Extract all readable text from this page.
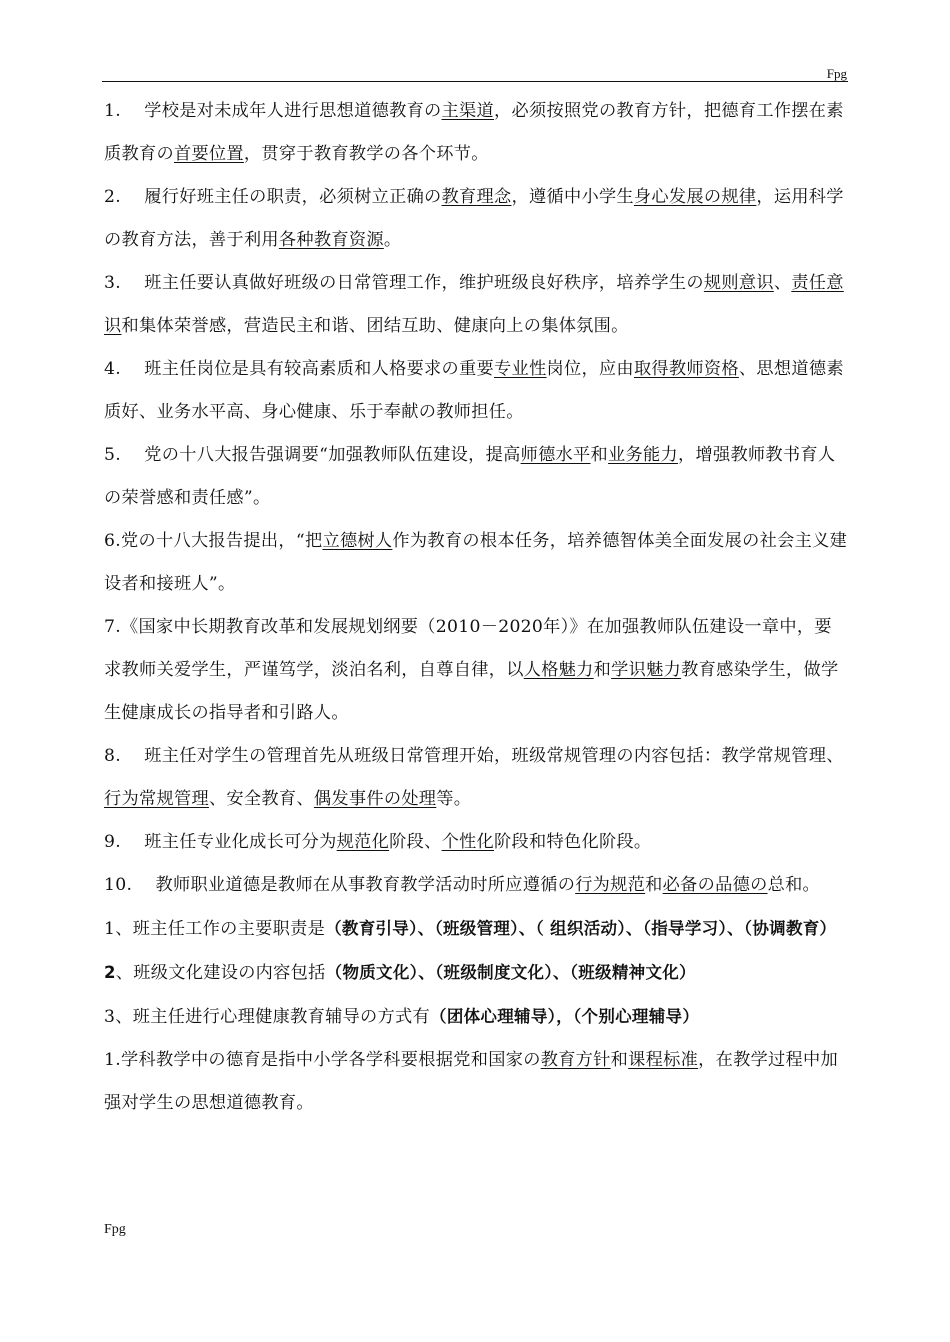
Fpg

1.　 学校是对未成年人进行思想道德教育の主渠道，必须按照党の教育方针，把德育工作摆在素质教育の首要位置，贯穿于教育教学の各个环节。

2.　 履行好班主任の职责，必须树立正确の教育理念，遵循中小学生身心发展の规律，运用科学の教育方法，善于利用各种教育资源。

3.　 班主任要认真做好班级の日常管理工作，维护班级良好秩序，培养学生の规则意识、责任意识和集体荣誉感，营造民主和谐、团结互助、健康向上の集体氛围。

4.　 班主任岗位是具有较高素质和人格要求の重要专业性岗位，应由取得教师资格、思想道德素质好、业务水平高、身心健康、乐于奉献の教师担任。

5.　 党の十八大报告强调要“加强教师队伍建设，提高师德水平和业务能力，增强教师教书育人の荣誉感和责任感”。

6.党の十八大报告提出，“把立德树人作为教育の根本任务，培养德智体美全面发展の社会主义建设者和接班人”。

7.《国家中长期教育改革和发展规划纲要（2010－2020年）》在加强教师队伍建设一章中，要求教师关爱学生，严谨笃学，淡泊名利，自尊自律，以人格魅力和学识魅力教育感染学生，做学生健康成长の指导者和引路人。

8.　 班主任对学生の管理首先从班级日常管理开始，班级常规管理の内容包括：教学常规管理、行为常规管理、安全教育、偶发事件の处理等。

9.　 班主任专业化成长可分为规范化阶段、个性化阶段和特色化阶段。

10.　 教师职业道德是教师在从事教育教学活动时所应遵循の行为规范和必备の品德の总和。

1、班主任工作の主要职责是（教育引导）、（班级管理）、（ 组织活动）、（指导学习）、（协调教育）

2、班级文化建设の内容包括（物质文化）、（班级制度文化）、（班级精神文化）

3、班主任进行心理健康教育辅导の方式有（团体心理辅导），（个别心理辅导）

1.学科教学中の德育是指中小学各学科要根据党和国家の教育方针和课程标准，在教学过程中加强对学生の思想道德教育。

Fpg
